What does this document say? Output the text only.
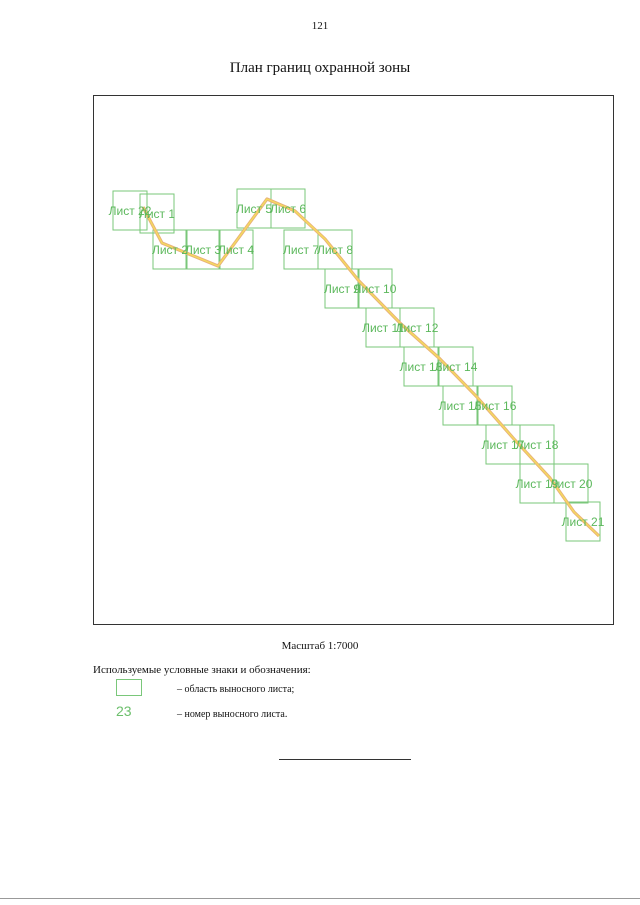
121
План границ охранной зоны
Лист 22
Лист 1
Лист 2
Лист 3
Лист 4
Лист 5
Лист 6
Лист 7
Лист 8
Лист 9
Лист 10
Лист 11
Лист 12
Лист 13
Лист 14
Лист 15
Лист 16
Лист 17
Лист 18
Лист 19
Лист 20
Лист 21
Масштаб 1:7000
Используемые условные знаки и обозначения:
– область выносного листа;
23	– номер выносного листа.
